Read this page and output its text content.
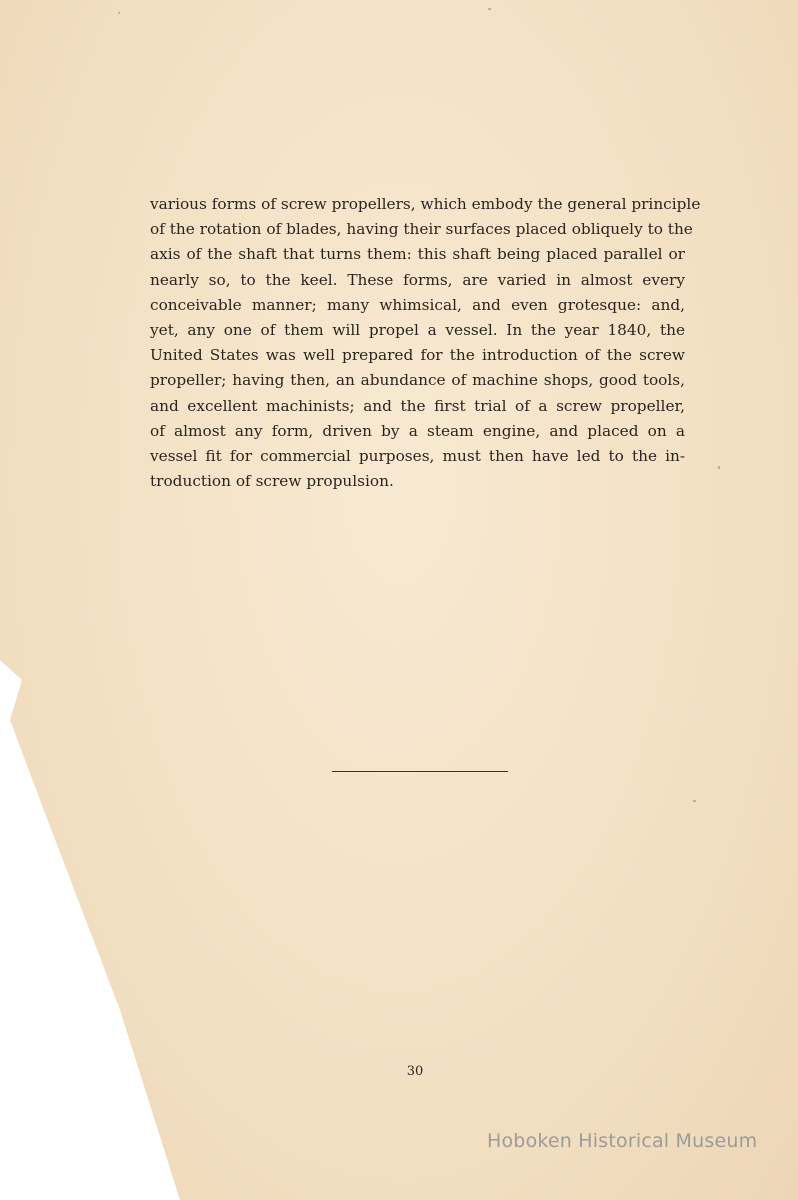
various forms of screw propellers, which embody the general principle
of the rotation of blades, having their surfaces placed obliquely to the
axis of the shaft that turns them: this shaft being placed parallel or
nearly so, to the keel. These forms, are varied in almost every
conceivable manner; many whimsical, and even grotesque: and,
yet, any one of them will propel a vessel. In the year 1840, the
United States was well prepared for the introduction of the screw
propeller; having then, an abundance of machine shops, good tools,
and excellent machinists; and the first trial of a screw propeller,
of almost any form, driven by a steam engine, and placed on a
vessel fit for commercial purposes, must then have led to the in-
troduction of screw propulsion.
30
Hoboken Historical Museum
